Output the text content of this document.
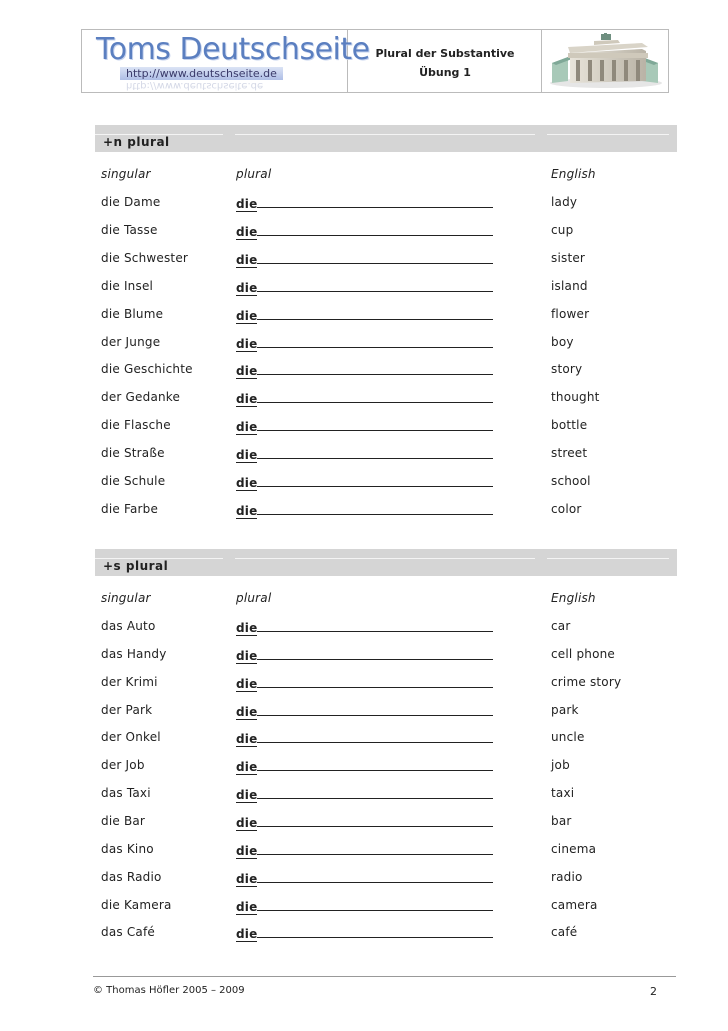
Toms Deutschseite
http://www.deutschseite.de
http://www.deutschseite.de
Plural der Substantive
Übung 1
+n plural
singular	plural	English
die Dame	die	lady
die Tasse	die	cup
die Schwester	die	sister
die Insel	die	island
die Blume	die	flower
der Junge	die	boy
die Geschichte	die	story
der Gedanke	die	thought
die Flasche	die	bottle
die Straße	die	street
die Schule	die	school
die Farbe	die	color
+s plural
singular	plural	English
das Auto	die	car
das Handy	die	cell phone
der Krimi	die	crime story
der Park	die	park
der Onkel	die	uncle
der Job	die	job
das Taxi	die	taxi
die Bar	die	bar
das Kino	die	cinema
das Radio	die	radio
die Kamera	die	camera
das Café	die	café
© Thomas Höfler 2005 – 2009	2
